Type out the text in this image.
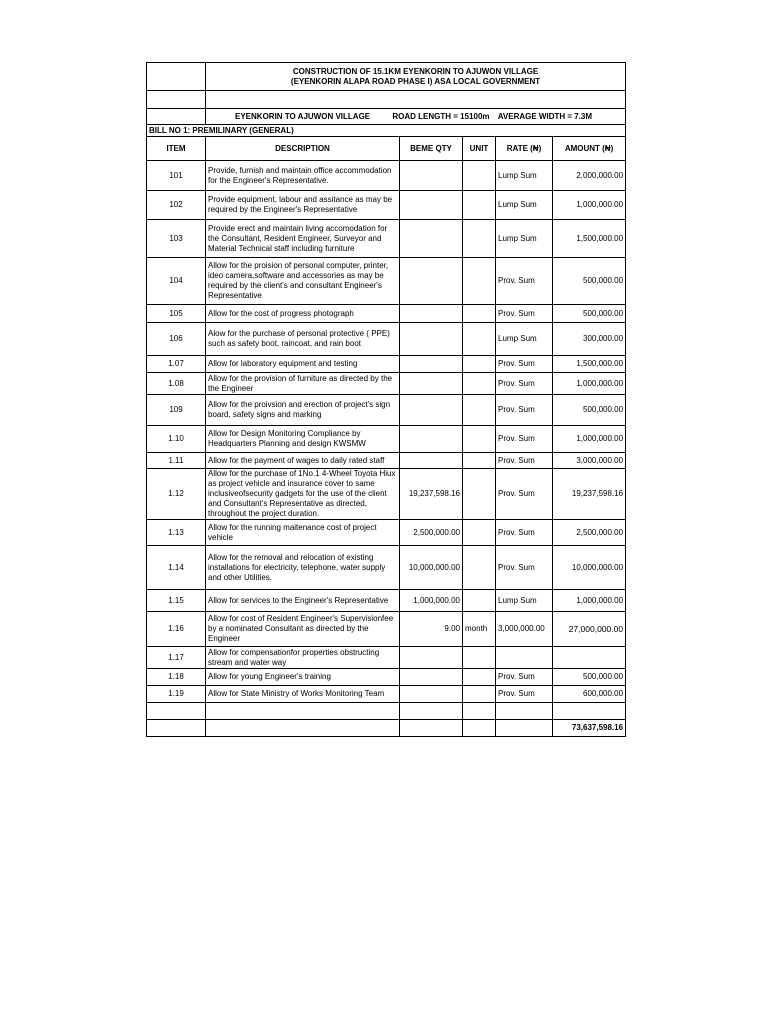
	CONSTRUCTION OF 15.1KM EYENKORIN TO AJUWON VILLAGE
(EYENKORIN ALAPA ROAD PHASE I) ASA LOCAL GOVERNMENT				

	EYENKORIN TO AJUWON VILLAGE ROAD LENGTH = 15100m AVERAGE WIDTH = 7.3M				
BILL NO 1: PREMILINARY (GENERAL)					
ITEM	DESCRIPTION	BEME QTY	UNIT	RATE (₦)	AMOUNT (₦)
101	Provide, furnish and maintain office accommodation for the Engineer's Representative.			Lump Sum	2,000,000.00
102	Provide equipment, labour and assitance as may be required by the Engineer's Representative			Lump Sum	1,000,000.00
103	Provide erect and maintain living accomodation for the Consultant, Resident Engineer, Surveyor and Material Technical staff including furniture			Lump Sum	1,500,000.00
104	Allow for the proision of personal computer, printer, ideo camera,software and accessories as may be required by the client's and consultant Engineer's Representative			Prov. Sum	500,000.00
105	Allow for the cost of progress photograph			Prov. Sum	500,000.00
106	Alow for the purchase of personal protective ( PPE) such as safety boot, raincoat, and rain boot			Lump Sum	300,000.00
1.07	Allow for laboratory equipment and testing			Prov. Sum	1,500,000.00
1.08	Allow for the provision of furniture as directed by the the Engineer			Prov. Sum	1,000,000.00
109	Allow for the proivsion and erection of project's sign board, safety signs and marking			Prov. Sum	500,000.00
1.10	Allow for Design Monitoring Compliance by Headquarters Planning and design KWSMW			Prov. Sum	1,000,000.00
1.11	Allow for the payment of wages to daily rated staff			Prov. Sum	3,000,000.00
1.12	Allow for the purchase of 1No.1 4-Wheel Toyota Hiux as project vehicle and insurance cover to same inclusiveofsecurity gadgets for the use of the client and Consultant's Representative as directed, throughout the project duration.	19,237,598.16		Prov. Sum	19,237,598.16
1.13	Allow for the running maitenance cost of project vehicle	2,500,000.00		Prov. Sum	2,500,000.00
1.14	Allow for the removal and relocation of existing installations for electricity, telephone, water supply and other Utilities.	10,000,000.00		Prov. Sum	10,000,000.00
1.15	Allow for services to the Engineer's Representative	1,000,000.00		Lump Sum	1,000,000.00
1.16	Allow for cost of Resident Engineer's Supervisionfee by a nominated Consultant as directed by the Engineer	9.00	month	3,000,000.00	27,000,000.00
1.17	Allow for compensationfor properties obstructing stream and water way				
1.18	Allow for young Engineer's training			Prov. Sum	500,000.00
1.19	Allow for State Ministry of Works Monitoring Team			Prov. Sum	600,000.00

					73,637,598.16
